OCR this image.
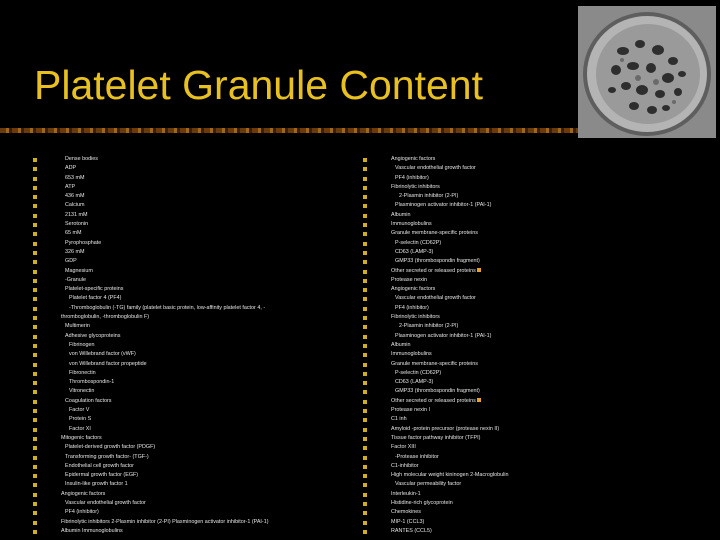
Platelet Granule Content
Dense bodies
ADP
653 mM
ATP
436 mM
Calcium
2131 mM
Serotonin
65 mM
Pyrophosphate
326 mM
GDP
Magnesium
-Granule
Platelet-specific proteins
Platelet factor 4 (PF4)
-Thromboglobulin (-TG) family (platelet basic protein, low-affinity platelet factor 4, -
thromboglobulin, -thromboglobulin F)
Multimerin
Adhesive glycoproteins
Fibrinogen
von Willebrand factor (vWF)
von Willebrand factor propeptide
Fibronectin
Thrombospondin-1
Vitronectin
Coagulation factors
Factor V
Protein S
Factor XI
Mitogenic factors
Platelet-derived growth factor (PDGF)
Transforming growth factor- (TGF-)
Endothelial cell growth factor
Epidermal growth factor (EGF)
Insulin-like growth factor 1
Angiogenic factors
Vascular endothelial growth factor
PF4 (inhibitor)
Fibrinolytic inhibitors 2-Plasmin inhibitor (2-PI) Plasminogen activator inhibitor-1 (PAI-1)
Albumin Immunoglobulins
Angiogenic factors
Vascular endothelial growth factor
PF4 (inhibitor)
Fibrinolytic inhibitors
2-Plasmin inhibitor (2-PI)
Plasminogen activator inhibitor-1 (PAI-1)
Albumin
Immunoglobulins
Granule membrane-specific proteins
P-selectin (CD62P)
CD63 (LAMP-3)
GMP33 (thrombospondin fragment)
Other secreted or released proteins
Protease nexin
Angiogenic factors
Vascular endothelial growth factor
PF4 (inhibitor)
Fibrinolytic inhibitors
2-Plasmin inhibitor (2-PI)
Plasminogen activator inhibitor-1 (PAI-1)
Albumin
Immunoglobulins
Granule membrane-specific proteins
P-selectin (CD62P)
CD63 (LAMP-3)
GMP33 (thrombospondin fragment)
Other secreted or released proteins
Protease nexin I
C1 inh
Amyloid -protein precursor (protease nexin II)
Tissue factor pathway inhibitor (TFPI)
Factor XIII
-Protease inhibitor
C1-inhibitor
High molecular weight kininogen 2-Macroglobulin
Vascular permeability factor
Interleukin-1
Histidine-rich glycoprotein
Chemokines
MIP-1 (CCL3)
RANTES (CCL5)
